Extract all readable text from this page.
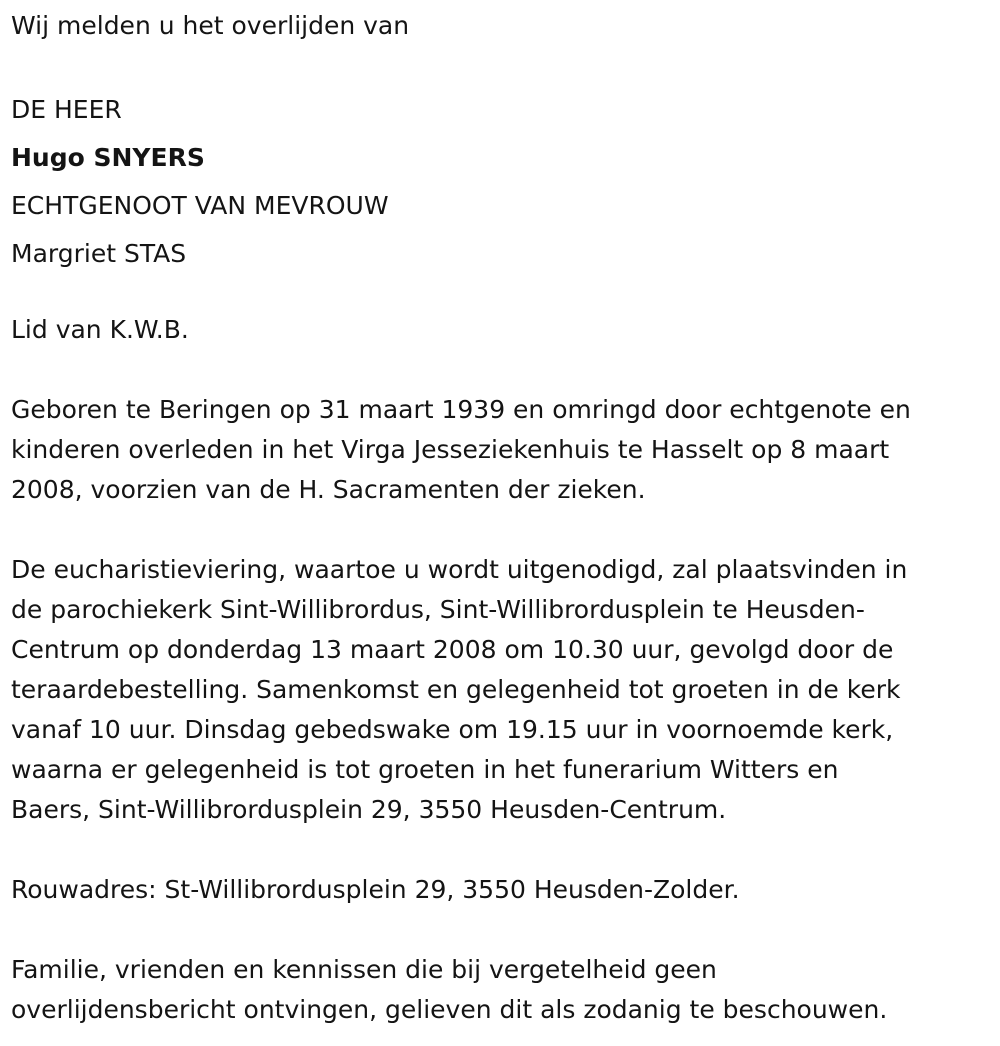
Wij melden u het overlijden van
DE HEER
Hugo SNYERS
ECHTGENOOT VAN MEVROUW
Margriet STAS
Lid van K.W.B.
Geboren te Beringen op 31 maart 1939 en omringd door echtgenote en
kinderen overleden in het Virga Jesseziekenhuis te Hasselt op 8 maart
2008, voorzien van de H. Sacramenten der zieken.
De eucharistieviering, waartoe u wordt uitgenodigd, zal plaatsvinden in
de parochiekerk Sint-Willibrordus, Sint-Willibrordusplein te Heusden-
Centrum op donderdag 13 maart 2008 om 10.30 uur, gevolgd door de
teraardebestelling. Samenkomst en gelegenheid tot groeten in de kerk
vanaf 10 uur. Dinsdag gebedswake om 19.15 uur in voornoemde kerk,
waarna er gelegenheid is tot groeten in het funerarium Witters en
Baers, Sint-Willibrordusplein 29, 3550 Heusden-Centrum.
Rouwadres: St-Willibrordusplein 29, 3550 Heusden-Zolder.
Familie, vrienden en kennissen die bij vergetelheid geen
overlijdensbericht ontvingen, gelieven dit als zodanig te beschouwen.
